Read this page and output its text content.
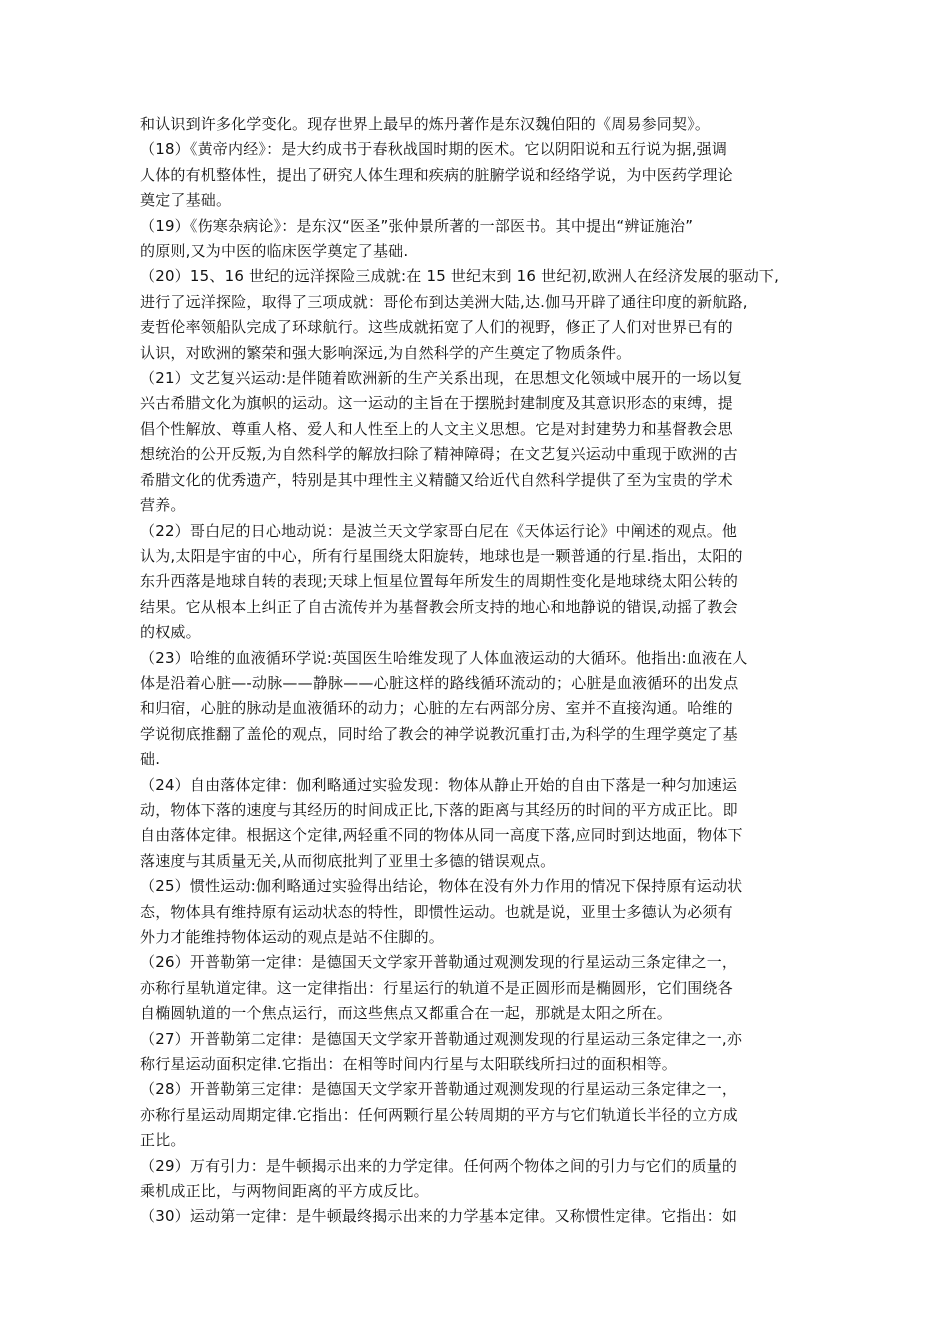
和认识到许多化学变化。现存世界上最早的炼丹著作是东汉魏伯阳的《周易参同契》。

（18）《黄帝内经》：是大约成书于春秋战国时期的医术。它以阴阳说和五行说为据,强调
人体的有机整体性，提出了研究人体生理和疾病的脏腑学说和经络学说，为中医药学理论
奠定了基础。

（19）《伤寒杂病论》：是东汉“医圣”张仲景所著的一部医书。其中提出“辨证施治”
的原则,又为中医的临床医学奠定了基础.

（20）15、16 世纪的远洋探险三成就:在 15 世纪末到 16 世纪初,欧洲人在经济发展的驱动下,
进行了远洋探险，取得了三项成就：哥伦布到达美洲大陆,达.伽马开辟了通往印度的新航路,
麦哲伦率领船队完成了环球航行。这些成就拓宽了人们的视野，修正了人们对世界已有的
认识，对欧洲的繁荣和强大影响深远,为自然科学的产生奠定了物质条件。

（21）文艺复兴运动:是伴随着欧洲新的生产关系出现，在思想文化领域中展开的一场以复
兴古希腊文化为旗帜的运动。这一运动的主旨在于摆脱封建制度及其意识形态的束缚，提
倡个性解放、尊重人格、爱人和人性至上的人文主义思想。它是对封建势力和基督教会思
想统治的公开反叛,为自然科学的解放扫除了精神障碍；在文艺复兴运动中重现于欧洲的古
希腊文化的优秀遗产，特别是其中理性主义精髓又给近代自然科学提供了至为宝贵的学术
营养。

（22）哥白尼的日心地动说：是波兰天文学家哥白尼在《天体运行论》中阐述的观点。他
认为,太阳是宇宙的中心，所有行星围绕太阳旋转，地球也是一颗普通的行星.指出，太阳的
东升西落是地球自转的表现;天球上恒星位置每年所发生的周期性变化是地球绕太阳公转的
结果。它从根本上纠正了自古流传并为基督教会所支持的地心和地静说的错误,动摇了教会
的权威。

（23）哈维的血液循环学说:英国医生哈维发现了人体血液运动的大循环。他指出:血液在人
体是沿着心脏—-动脉——静脉——心脏这样的路线循环流动的；心脏是血液循环的出发点
和归宿，心脏的脉动是血液循环的动力；心脏的左右两部分房、室并不直接沟通。哈维的
学说彻底推翻了盖伦的观点，同时给了教会的神学说教沉重打击,为科学的生理学奠定了基
础.

（24）自由落体定律：伽利略通过实验发现：物体从静止开始的自由下落是一种匀加速运
动，物体下落的速度与其经历的时间成正比,下落的距离与其经历的时间的平方成正比。即
自由落体定律。根据这个定律,两轻重不同的物体从同一高度下落,应同时到达地面，物体下
落速度与其质量无关,从而彻底批判了亚里士多德的错误观点。

（25）惯性运动:伽利略通过实验得出结论，物体在没有外力作用的情况下保持原有运动状
态，物体具有维持原有运动状态的特性，即惯性运动。也就是说，亚里士多德认为必须有
外力才能维持物体运动的观点是站不住脚的。

（26）开普勒第一定律：是德国天文学家开普勒通过观测发现的行星运动三条定律之一，
亦称行星轨道定律。这一定律指出：行星运行的轨道不是正圆形而是椭圆形，它们围绕各
自椭圆轨道的一个焦点运行，而这些焦点又都重合在一起，那就是太阳之所在。

（27）开普勒第二定律：是德国天文学家开普勒通过观测发现的行星运动三条定律之一,亦
称行星运动面积定律.它指出：在相等时间内行星与太阳联线所扫过的面积相等。

（28）开普勒第三定律：是德国天文学家开普勒通过观测发现的行星运动三条定律之一，
亦称行星运动周期定律.它指出：任何两颗行星公转周期的平方与它们轨道长半径的立方成
正比。

（29）万有引力：是牛顿揭示出来的力学定律。任何两个物体之间的引力与它们的质量的
乘机成正比，与两物间距离的平方成反比。

（30）运动第一定律：是牛顿最终揭示出来的力学基本定律。又称惯性定律。它指出：如
